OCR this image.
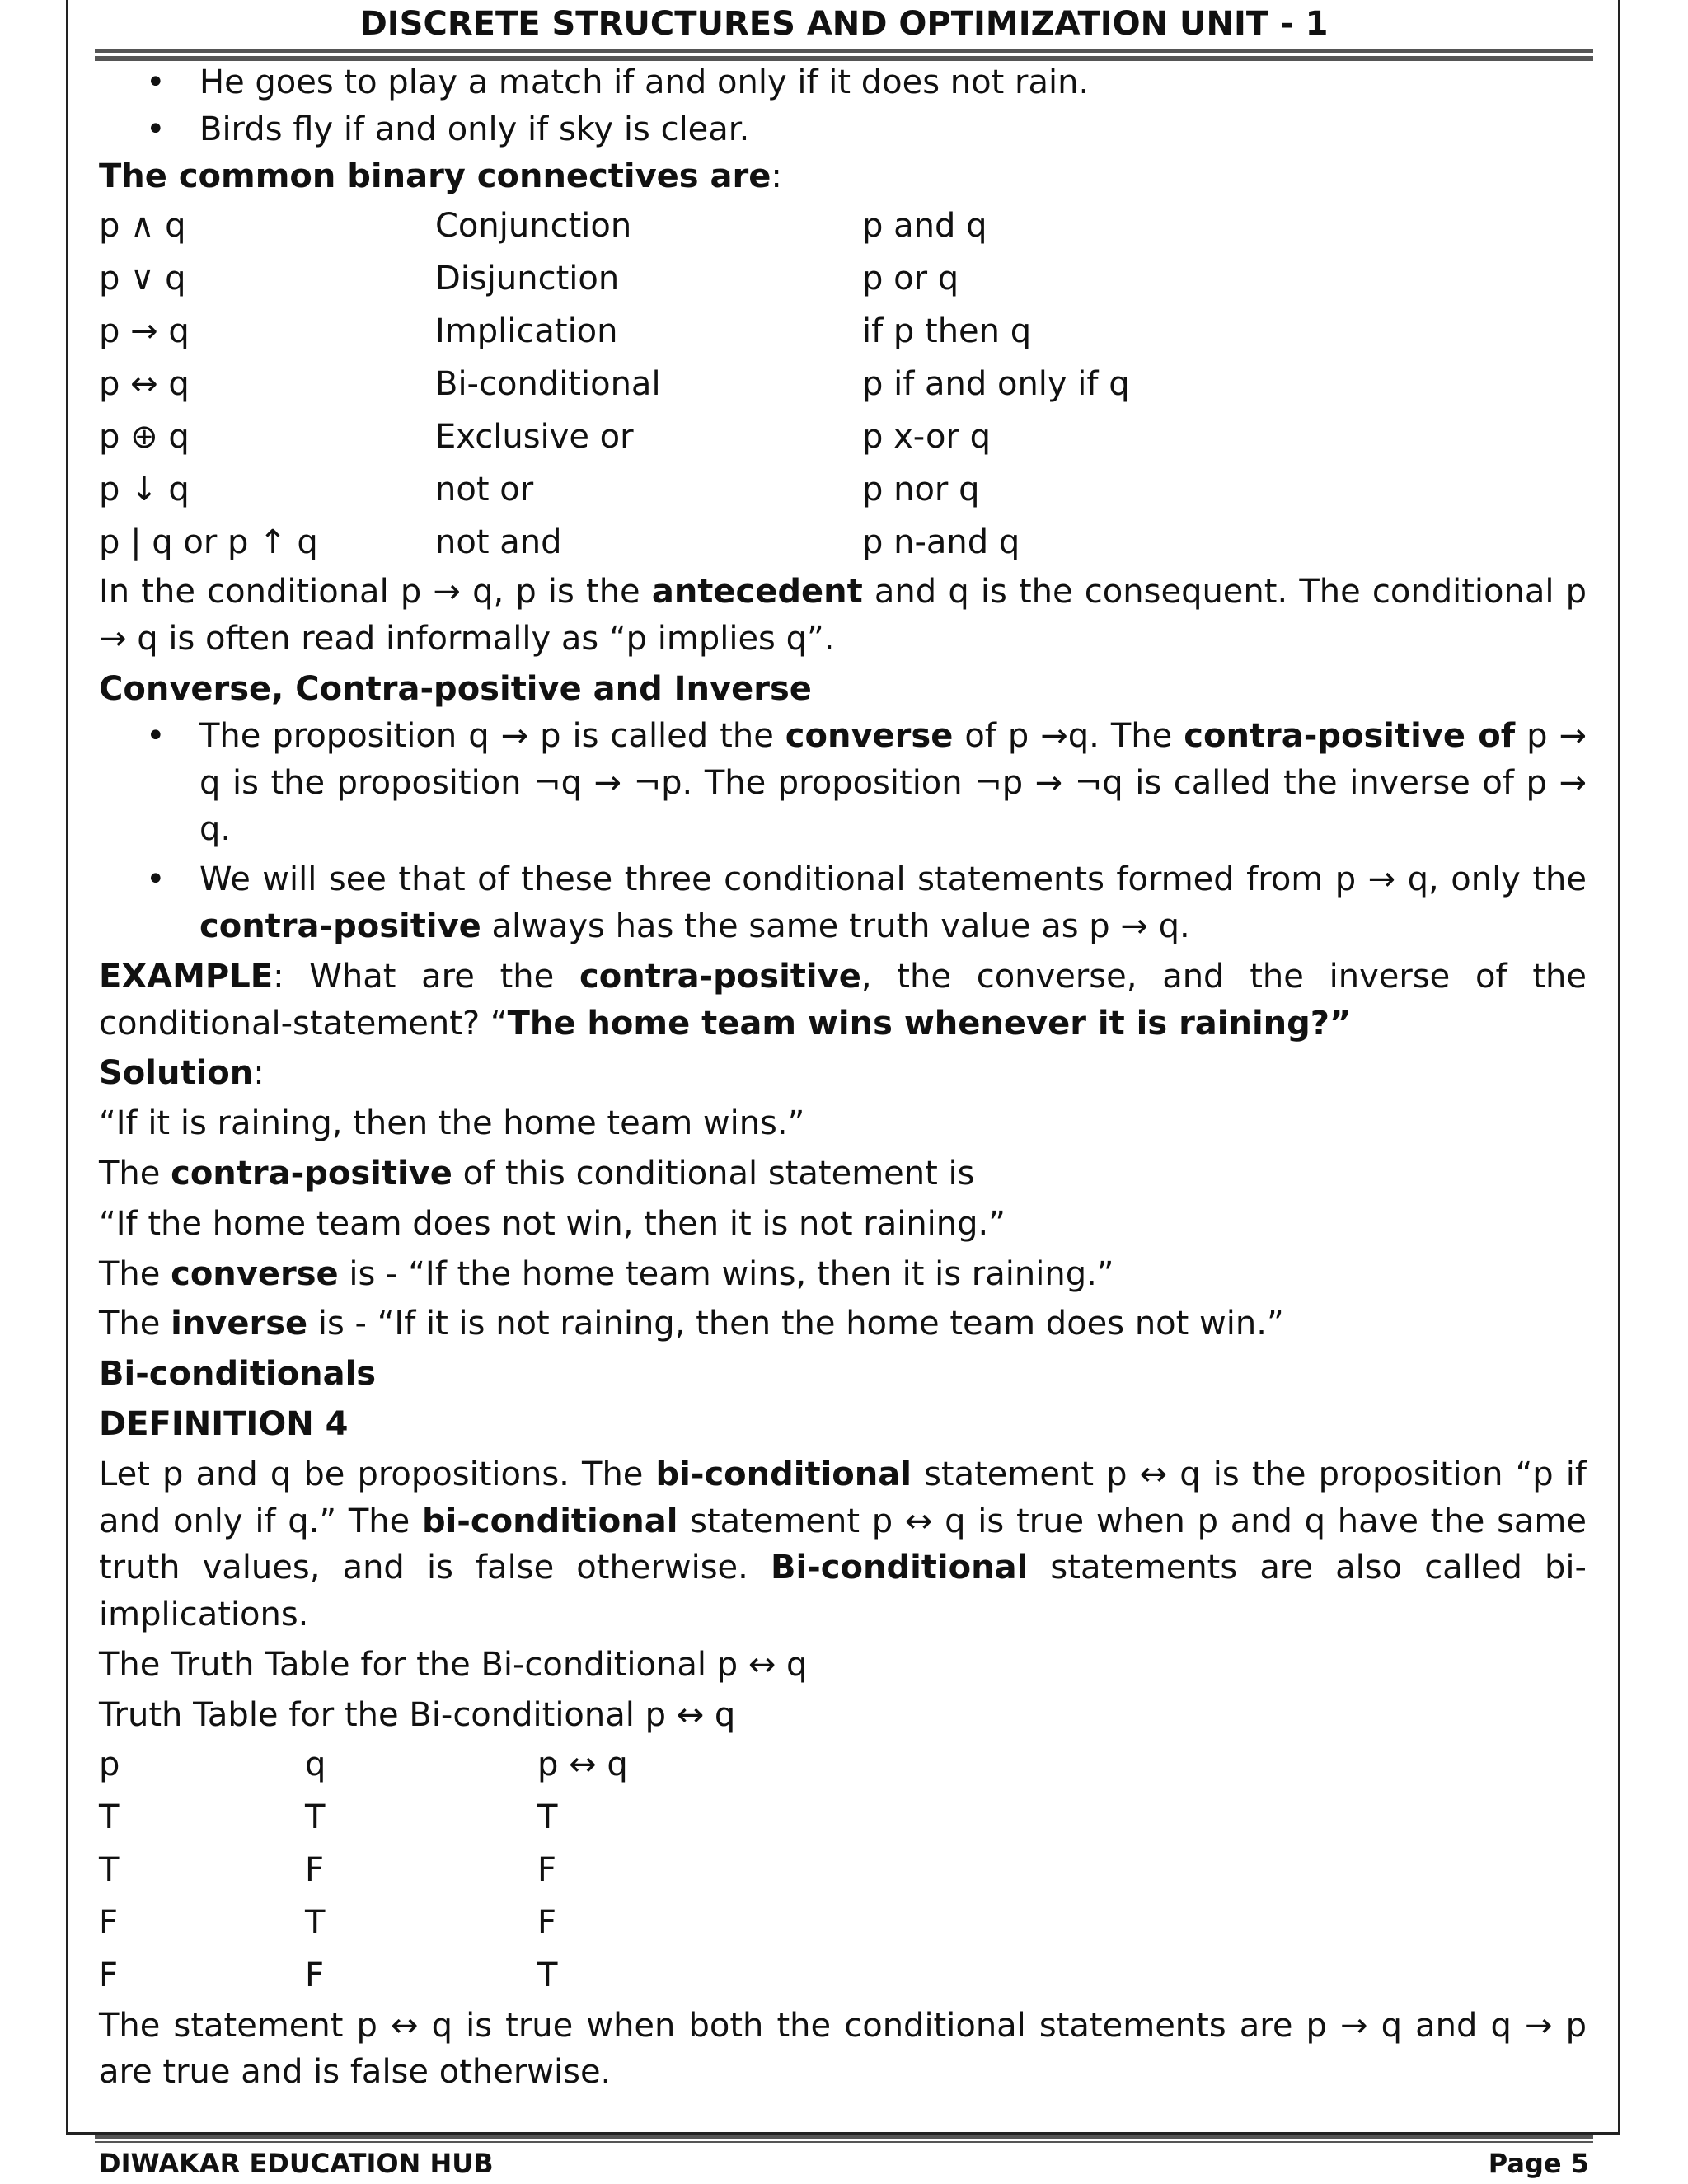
DISCRETE STRUCTURES AND OPTIMIZATION UNIT - 1
• He goes to play a match if and only if it does not rain.
• Birds fly if and only if sky is clear.

The common binary connectives are:

p ∧ q	Conjunction	p and q
p ∨ q	Disjunction	p or q
p → q	Implication	if p then q
p ↔ q	Bi-conditional	p if and only if q
p ⊕ q	Exclusive or	p x-or q
p ↓ q	not or	p nor q
p | q or p ↑ q	not and	p n-and q

In the conditional p → q, p is the antecedent and q is the consequent. The conditional p → q is often read informally as “p implies q”.

Converse, Contra-positive and Inverse

• The proposition q → p is called the converse of p →q. The contra-positive of p → q is the proposition ¬q → ¬p. The proposition ¬p → ¬q is called the inverse of p → q.
• We will see that of these three conditional statements formed from p → q, only the contra-positive always has the same truth value as p → q.

EXAMPLE: What are the contra-positive, the converse, and the inverse of the conditional-statement? “The home team wins whenever it is raining?”

Solution:

“If it is raining, then the home team wins.”

The contra-positive of this conditional statement is

“If the home team does not win, then it is not raining.”

The converse is - “If the home team wins, then it is raining.”

The inverse is - “If it is not raining, then the home team does not win.”

Bi-conditionals

DEFINITION 4

Let p and q be propositions. The bi-conditional statement p ↔ q is the proposition “p if and only if q.” The bi-conditional statement p ↔ q is true when p and q have the same truth values, and is false otherwise. Bi-conditional statements are also called bi-implications.

The Truth Table for the Bi-conditional p ↔ q

Truth Table for the Bi-conditional p ↔ q

p	q	p ↔ q
T	T	T
T	F	F
F	T	F
F	F	T

The statement p ↔ q is true when both the conditional statements are p → q and q → p are true and is false otherwise.

DIWAKAR EDUCATION HUB	Page 5
